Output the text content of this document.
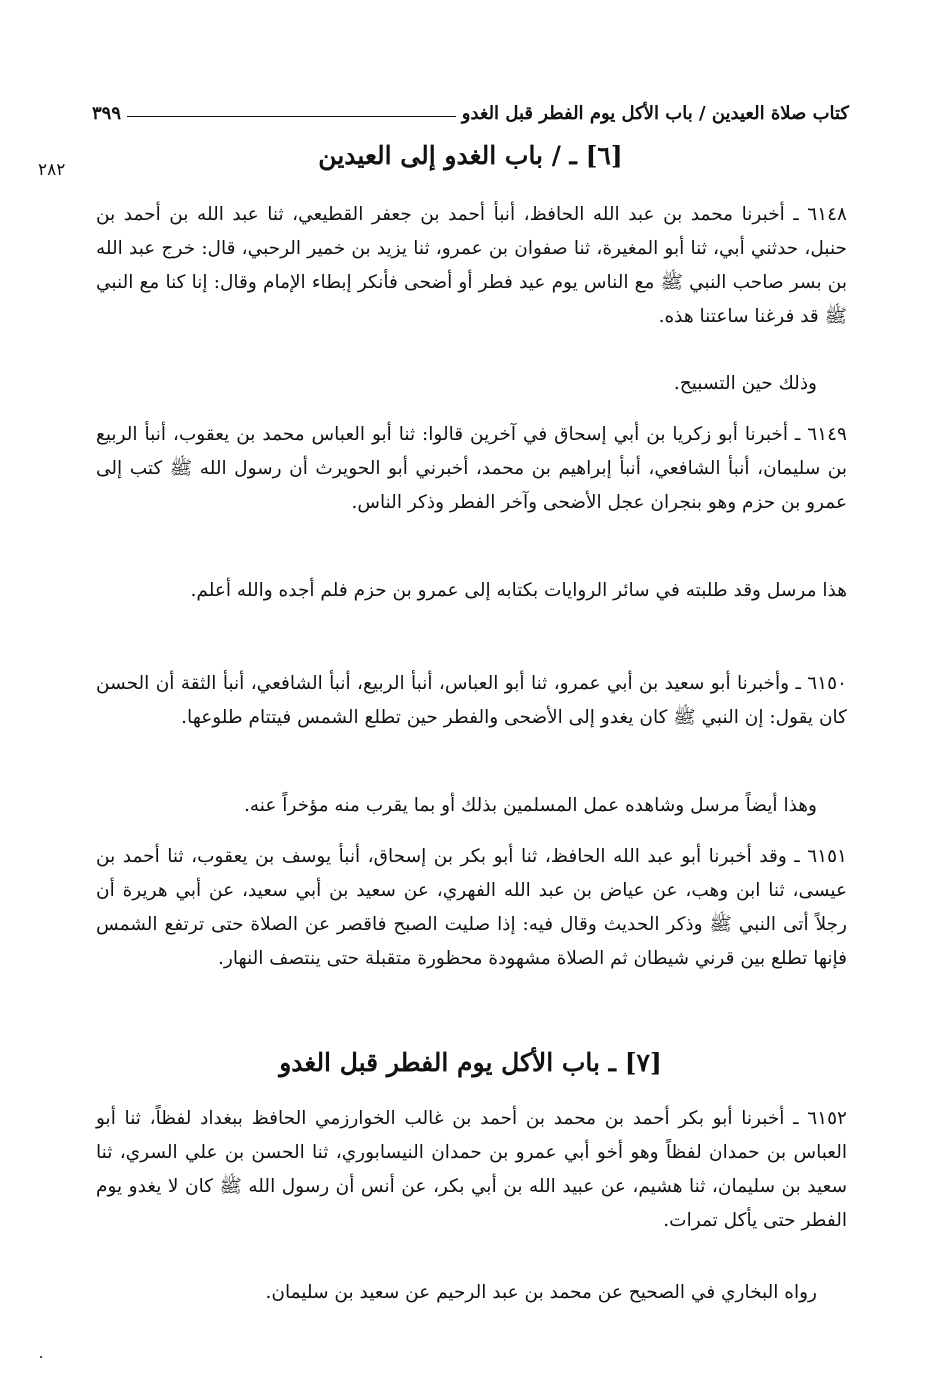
كتاب صلاة العيدين / باب الأكل يوم الفطر قبل الغدو
٣٩٩
٢٨٢	[٦] ـ / باب الغدو إلى العيدين
٦١٤٨ ـ أخبرنا محمد بن عبد الله الحافظ، أنبأ أحمد بن جعفر القطيعي، ثنا عبد الله بن أحمد بن حنبل، حدثني أبي، ثنا أبو المغيرة، ثنا صفوان بن عمرو، ثنا يزيد بن خمير الرحبي، قال: خرج عبد الله بن بسر صاحب النبي ﷺ مع الناس يوم عيد فطر أو أضحى فأنكر إبطاء الإمام وقال: إنا كنا مع النبي ﷺ قد فرغنا ساعتنا هذه.
وذلك حين التسبيح.
٦١٤٩ ـ أخبرنا أبو زكريا بن أبي إسحاق في آخرين قالوا: ثنا أبو العباس محمد بن يعقوب، أنبأ الربيع بن سليمان، أنبأ الشافعي، أنبأ إبراهيم بن محمد، أخبرني أبو الحويرث أن رسول الله ﷺ كتب إلى عمرو بن حزم وهو بنجران عجل الأضحى وآخر الفطر وذكر الناس.
هذا مرسل وقد طلبته في سائر الروايات بكتابه إلى عمرو بن حزم فلم أجده والله أعلم.
٦١٥٠ ـ وأخبرنا أبو سعيد بن أبي عمرو، ثنا أبو العباس، أنبأ الربيع، أنبأ الشافعي، أنبأ الثقة أن الحسن كان يقول: إن النبي ﷺ كان يغدو إلى الأضحى والفطر حين تطلع الشمس فيتتام طلوعها.
وهذا أيضاً مرسل وشاهده عمل المسلمين بذلك أو بما يقرب منه مؤخراً عنه.
٦١٥١ ـ وقد أخبرنا أبو عبد الله الحافظ، ثنا أبو بكر بن إسحاق، أنبأ يوسف بن يعقوب، ثنا أحمد بن عيسى، ثنا ابن وهب، عن عياض بن عبد الله الفهري، عن سعيد بن أبي سعيد، عن أبي هريرة أن رجلاً أتى النبي ﷺ وذكر الحديث وقال فيه: إذا صليت الصبح فاقصر عن الصلاة حتى ترتفع الشمس فإنها تطلع بين قرني شيطان ثم الصلاة مشهودة محظورة متقبلة حتى ينتصف النهار.
[٧] ـ باب الأكل يوم الفطر قبل الغدو
٦١٥٢ ـ أخبرنا أبو بكر أحمد بن محمد بن أحمد بن غالب الخوارزمي الحافظ ببغداد لفظاً، ثنا أبو العباس بن حمدان لفظاً وهو أخو أبي عمرو بن حمدان النيسابوري، ثنا الحسن بن علي السري، ثنا سعيد بن سليمان، ثنا هشيم، عن عبيد الله بن أبي بكر، عن أنس أن رسول الله ﷺ كان لا يغدو يوم الفطر حتى يأكل تمرات.
رواه البخاري في الصحيح عن محمد بن عبد الرحيم عن سعيد بن سليمان.
